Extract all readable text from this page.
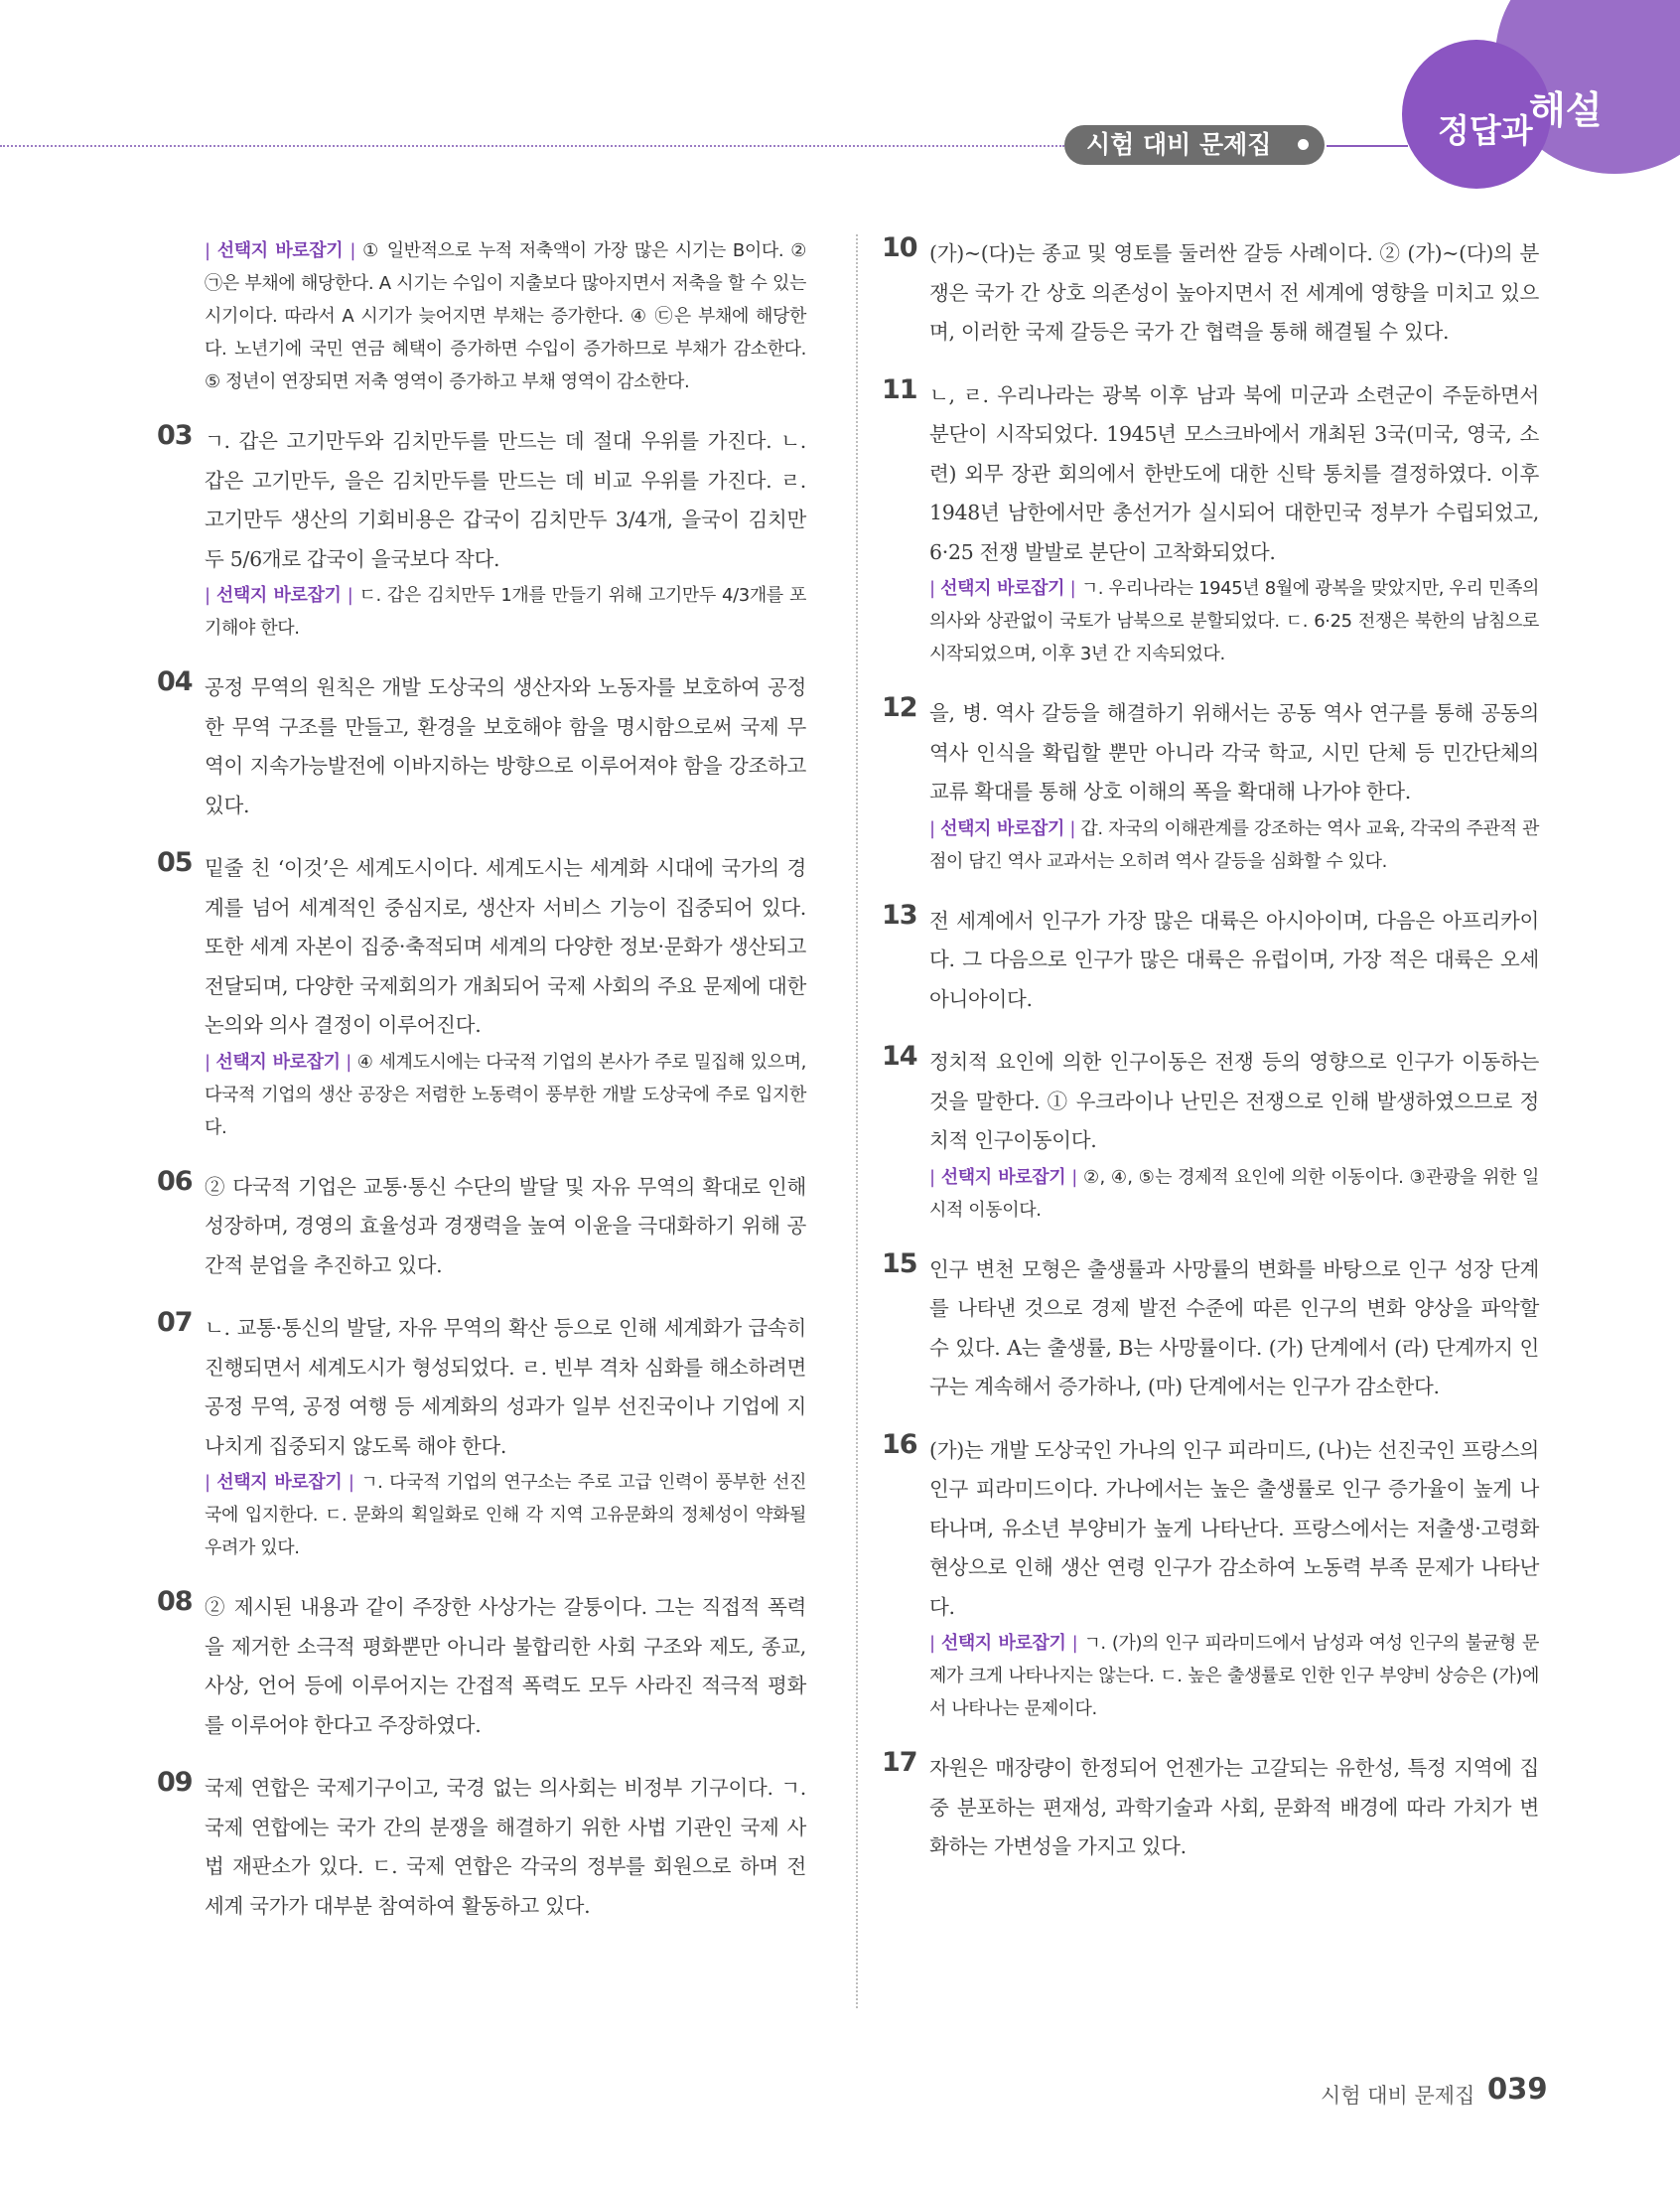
시험 대비 문제집	정답과
해설
| 선택지 바로잡기 | ① 일반적으로 누적 저축액이 가장 많은 시기는 B이다. ② ㉠은 부채에 해당한다. A 시기는 수입이 지출보다 많아지면서 저축을 할 수 있는 시기이다. 따라서 A 시기가 늦어지면 부채는 증가한다. ④ ㉢은 부채에 해당한다. 노년기에 국민 연금 혜택이 증가하면 수입이 증가하므로 부채가 감소한다. ⑤ 정년이 연장되면 저축 영역이 증가하고 부채 영역이 감소한다.
03 ㄱ. 갑은 고기만두와 김치만두를 만드는 데 절대 우위를 가진다. ㄴ. 갑은 고기만두, 을은 김치만두를 만드는 데 비교 우위를 가진다. ㄹ. 고기만두 생산의 기회비용은 갑국이 김치만두 3/4개, 을국이 김치만두 5/6개로 갑국이 을국보다 작다.
| 선택지 바로잡기 | ㄷ. 갑은 김치만두 1개를 만들기 위해 고기만두 4/3개를 포기해야 한다.
04 공정 무역의 원칙은 개발 도상국의 생산자와 노동자를 보호하여 공정한 무역 구조를 만들고, 환경을 보호해야 함을 명시함으로써 국제 무역이 지속가능발전에 이바지하는 방향으로 이루어져야 함을 강조하고 있다.
05 밑줄 친 ‘이것’은 세계도시이다. 세계도시는 세계화 시대에 국가의 경계를 넘어 세계적인 중심지로, 생산자 서비스 기능이 집중되어 있다. 또한 세계 자본이 집중·축적되며 세계의 다양한 정보·문화가 생산되고 전달되며, 다양한 국제회의가 개최되어 국제 사회의 주요 문제에 대한 논의와 의사 결정이 이루어진다.
| 선택지 바로잡기 | ④ 세계도시에는 다국적 기업의 본사가 주로 밀집해 있으며, 다국적 기업의 생산 공장은 저렴한 노동력이 풍부한 개발 도상국에 주로 입지한다.
06 ② 다국적 기업은 교통·통신 수단의 발달 및 자유 무역의 확대로 인해 성장하며, 경영의 효율성과 경쟁력을 높여 이윤을 극대화하기 위해 공간적 분업을 추진하고 있다.
07 ㄴ. 교통·통신의 발달, 자유 무역의 확산 등으로 인해 세계화가 급속히 진행되면서 세계도시가 형성되었다. ㄹ. 빈부 격차 심화를 해소하려면 공정 무역, 공정 여행 등 세계화의 성과가 일부 선진국이나 기업에 지나치게 집중되지 않도록 해야 한다.
| 선택지 바로잡기 | ㄱ. 다국적 기업의 연구소는 주로 고급 인력이 풍부한 선진국에 입지한다. ㄷ. 문화의 획일화로 인해 각 지역 고유문화의 정체성이 약화될 우려가 있다.
08 ② 제시된 내용과 같이 주장한 사상가는 갈퉁이다. 그는 직접적 폭력을 제거한 소극적 평화뿐만 아니라 불합리한 사회 구조와 제도, 종교, 사상, 언어 등에 이루어지는 간접적 폭력도 모두 사라진 적극적 평화를 이루어야 한다고 주장하였다.
09 국제 연합은 국제기구이고, 국경 없는 의사회는 비정부 기구이다. ㄱ. 국제 연합에는 국가 간의 분쟁을 해결하기 위한 사법 기관인 국제 사법 재판소가 있다. ㄷ. 국제 연합은 각국의 정부를 회원으로 하며 전 세계 국가가 대부분 참여하여 활동하고 있다.
10 (가)~(다)는 종교 및 영토를 둘러싼 갈등 사례이다. ② (가)~(다)의 분쟁은 국가 간 상호 의존성이 높아지면서 전 세계에 영향을 미치고 있으며, 이러한 국제 갈등은 국가 간 협력을 통해 해결될 수 있다.
11 ㄴ, ㄹ. 우리나라는 광복 이후 남과 북에 미군과 소련군이 주둔하면서 분단이 시작되었다. 1945년 모스크바에서 개최된 3국(미국, 영국, 소련) 외무 장관 회의에서 한반도에 대한 신탁 통치를 결정하였다. 이후 1948년 남한에서만 총선거가 실시되어 대한민국 정부가 수립되었고, 6·25 전쟁 발발로 분단이 고착화되었다.
| 선택지 바로잡기 | ㄱ. 우리나라는 1945년 8월에 광복을 맞았지만, 우리 민족의 의사와 상관없이 국토가 남북으로 분할되었다. ㄷ. 6·25 전쟁은 북한의 남침으로 시작되었으며, 이후 3년 간 지속되었다.
12 을, 병. 역사 갈등을 해결하기 위해서는 공동 역사 연구를 통해 공동의 역사 인식을 확립할 뿐만 아니라 각국 학교, 시민 단체 등 민간단체의 교류 확대를 통해 상호 이해의 폭을 확대해 나가야 한다.
| 선택지 바로잡기 | 갑. 자국의 이해관계를 강조하는 역사 교육, 각국의 주관적 관점이 담긴 역사 교과서는 오히려 역사 갈등을 심화할 수 있다.
13 전 세계에서 인구가 가장 많은 대륙은 아시아이며, 다음은 아프리카이다. 그 다음으로 인구가 많은 대륙은 유럽이며, 가장 적은 대륙은 오세아니아이다.
14 정치적 요인에 의한 인구이동은 전쟁 등의 영향으로 인구가 이동하는 것을 말한다. ① 우크라이나 난민은 전쟁으로 인해 발생하였으므로 정치적 인구이동이다.
| 선택지 바로잡기 | ②, ④, ⑤는 경제적 요인에 의한 이동이다. ③관광을 위한 일시적 이동이다.
15 인구 변천 모형은 출생률과 사망률의 변화를 바탕으로 인구 성장 단계를 나타낸 것으로 경제 발전 수준에 따른 인구의 변화 양상을 파악할 수 있다. A는 출생률, B는 사망률이다. (가) 단계에서 (라) 단계까지 인구는 계속해서 증가하나, (마) 단계에서는 인구가 감소한다.
16 (가)는 개발 도상국인 가나의 인구 피라미드, (나)는 선진국인 프랑스의 인구 피라미드이다. 가나에서는 높은 출생률로 인구 증가율이 높게 나타나며, 유소년 부양비가 높게 나타난다. 프랑스에서는 저출생·고령화 현상으로 인해 생산 연령 인구가 감소하여 노동력 부족 문제가 나타난다.
| 선택지 바로잡기 | ㄱ. (가)의 인구 피라미드에서 남성과 여성 인구의 불균형 문제가 크게 나타나지는 않는다. ㄷ. 높은 출생률로 인한 인구 부양비 상승은 (가)에서 나타나는 문제이다.
17 자원은 매장량이 한정되어 언젠가는 고갈되는 유한성, 특정 지역에 집중 분포하는 편재성, 과학기술과 사회, 문화적 배경에 따라 가치가 변화하는 가변성을 가지고 있다.
시험 대비 문제집 039
